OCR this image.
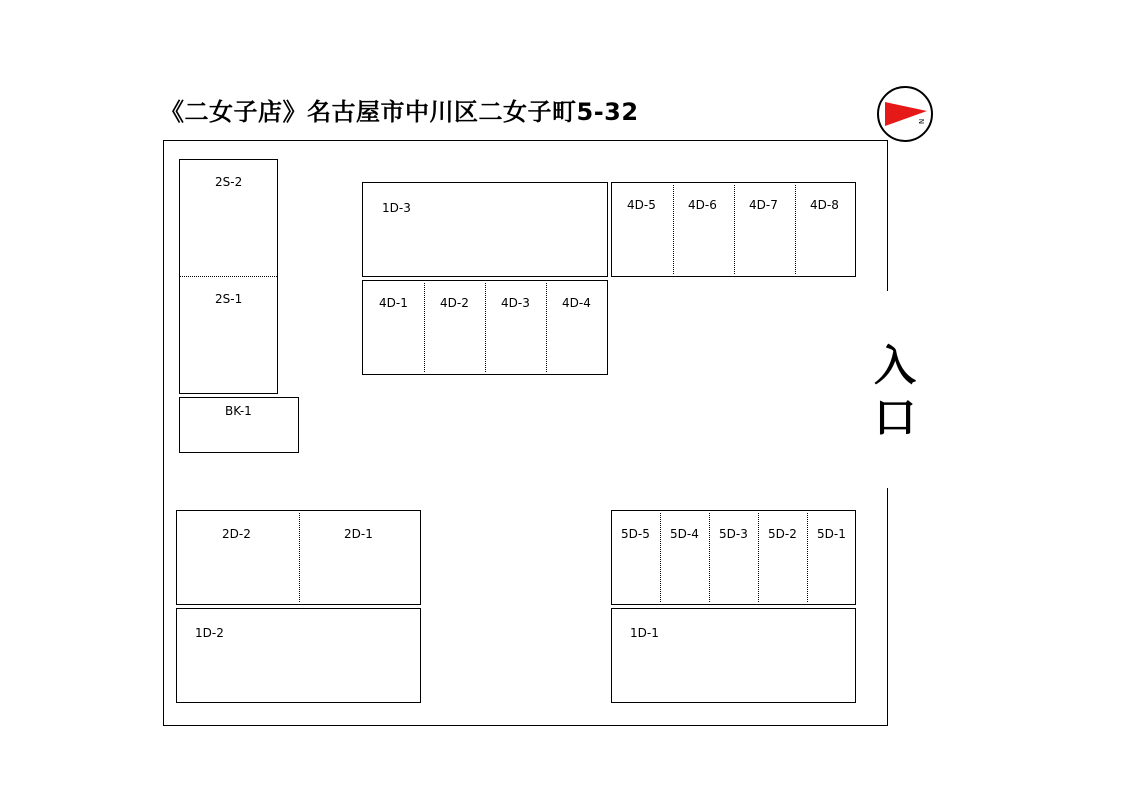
《二女子店》名古屋市中川区二女子町5-32	N
入
口
2S-2
2S-1
BK-1
1D-3
4D-1	4D-2	4D-3	4D-4
4D-5	4D-6	4D-7	4D-8
2D-2	2D-1
1D-2
5D-5 5D-4 5D-3 5D-2 5D-1
1D-1
